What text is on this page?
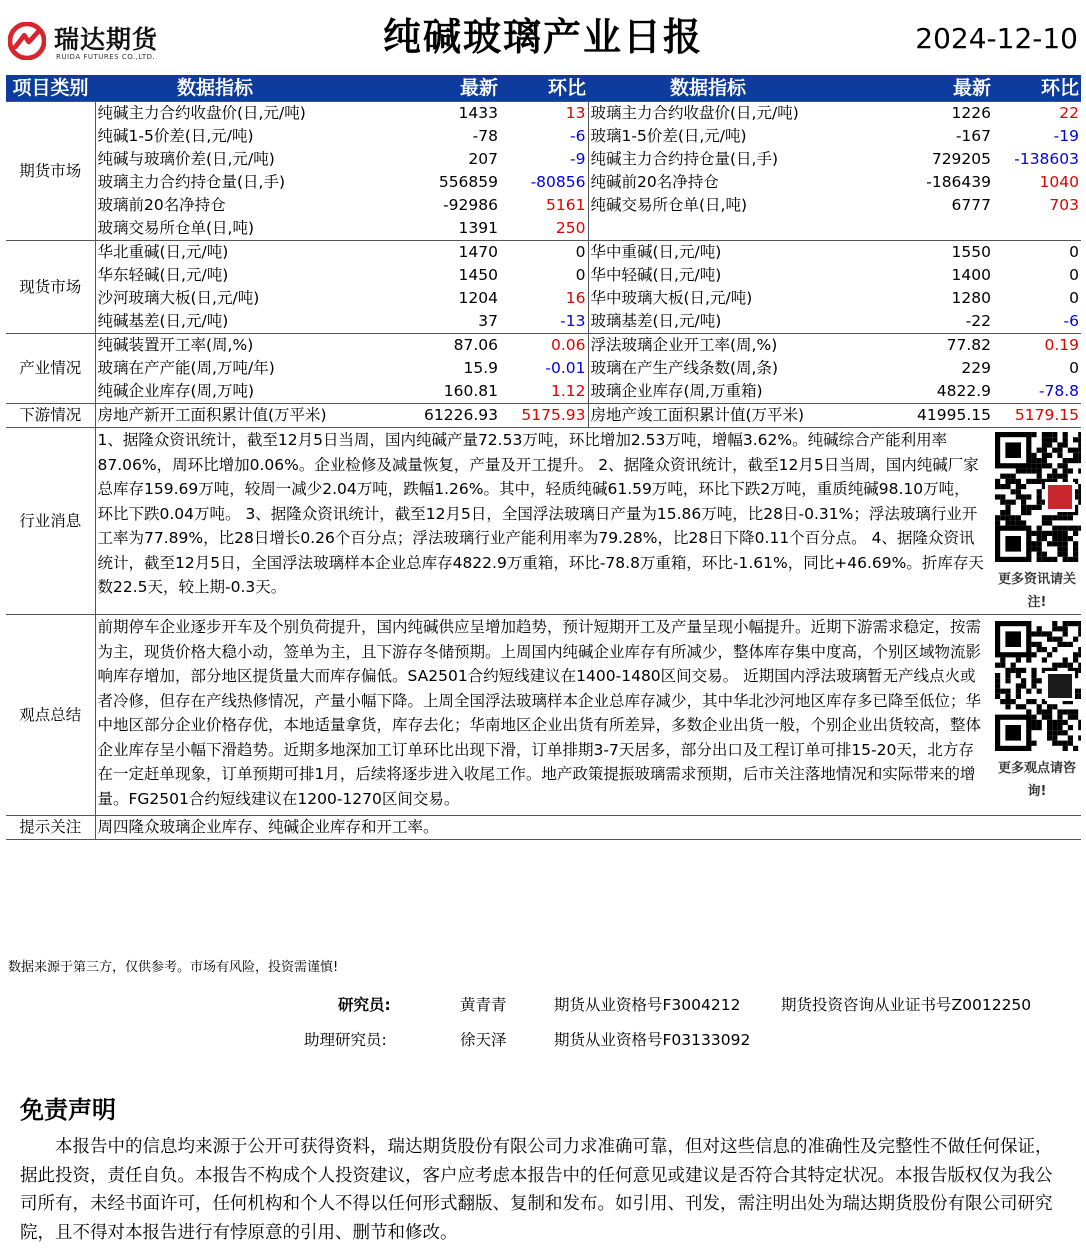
瑞达期货
RUIDA FUTURES CO.,LTD.	纯碱玻璃产业日报	2024-12-10
项目类别	数据指标	最新	环比	数据指标	最新	环比
期货市场	纯碱主力合约收盘价(日,元/吨)	1433	13	玻璃主力合约收盘价(日,元/吨)	1226	22
	纯碱1-5价差(日,元/吨)	-78	-6	玻璃1-5价差(日,元/吨)	-167	-19
	纯碱与玻璃价差(日,元/吨)	207	-9	纯碱主力合约持仓量(日,手)	729205	-138603
	玻璃主力合约持仓量(日,手)	556859	-80856	纯碱前20名净持仓	-186439	1040
	玻璃前20名净持仓	-92986	5161	纯碱交易所仓单(日,吨)	6777	703
	玻璃交易所仓单(日,吨)	1391	250			
现货市场	华北重碱(日,元/吨)	1470	0	华中重碱(日,元/吨)	1550	0
	华东轻碱(日,元/吨)	1450	0	华中轻碱(日,元/吨)	1400	0
	沙河玻璃大板(日,元/吨)	1204	16	华中玻璃大板(日,元/吨)	1280	0
	纯碱基差(日,元/吨)	37	-13	玻璃基差(日,元/吨)	-22	-6
产业情况	纯碱装置开工率(周,%)	87.06	0.06	浮法玻璃企业开工率(周,%)	77.82	0.19
	玻璃在产产能(周,万吨/年)	15.9	-0.01	玻璃在产生产线条数(周,条)	229	0
	纯碱企业库存(周,万吨)	160.81	1.12	玻璃企业库存(周,万重箱)	4822.9	-78.8
下游情况	房地产新开工面积累计值(万平米)	61226.93	5175.93	房地产竣工面积累计值(万平米)	41995.15	5179.15
行业消息	1、据隆众资讯统计，截至12月5日当周，国内纯碱产量72.53万吨，环比增加2.53万吨，增幅3.62%。纯碱综合产能利用率87.06%，周环比增加0.06%。企业检修及减量恢复，产量及开工提升。 2、据隆众资讯统计，截至12月5日当周，国内纯碱厂家总库存159.69万吨，较周一减少2.04万吨，跌幅1.26%。其中，轻质纯碱61.59万吨，环比下跌2万吨，重质纯碱98.10万吨，环比下跌0.04万吨。 3、据隆众资讯统计，截至12月5日，全国浮法玻璃日产量为15.86万吨，比28日-0.31%；浮法玻璃行业开工率为77.89%，比28日增长0.26个百分点；浮法玻璃行业产能利用率为79.28%，比28日下降0.11个百分点。 4、据隆众资讯统计，截至12月5日，全国浮法玻璃样本企业总库存4822.9万重箱，环比-78.8万重箱，环比-1.61%，同比+46.69%。折库存天数22.5天，较上期-0.3天。					更多资讯请关注!

观点总结	前期停车企业逐步开车及个别负荷提升，国内纯碱供应呈增加趋势，预计短期开工及产量呈现小幅提升。近期下游需求稳定，按需为主，现货价格大稳小动，签单为主，且下游存冬储预期。上周国内纯碱企业库存有所减少，整体库存集中度高，个别区域物流影响库存增加，部分地区提货量大而库存偏低。SA2501合约短线建议在1400-1480区间交易。 近期国内浮法玻璃暂无产线点火或者冷修，但存在产线热修情况，产量小幅下降。上周全国浮法玻璃样本企业总库存减少，其中华北沙河地区库存多已降至低位；华中地区部分企业价格存优，本地适量拿货，库存去化；华南地区企业出货有所差异，多数企业出货一般，个别企业出货较高，整体企业库存呈小幅下滑趋势。近期多地深加工订单环比出现下滑，订单排期3-7天居多，部分出口及工程订单可排15-20天，北方存在一定赶单现象，订单预期可排1月，后续将逐步进入收尾工作。地产政策提振玻璃需求预期，后市关注落地情况和实际带来的增量。FG2501合约短线建议在1200-1270区间交易。					更多观点请咨询!

提示关注	周四隆众玻璃企业库存、纯碱企业库存和开工率。					
数据来源于第三方，仅供参考。市场有风险，投资需谨慎!
研究员:	黄青青	期货从业资格号F3004212	期货投资咨询从业证书号Z0012250
助理研究员:	徐天泽	期货从业资格号F03133092
免责声明
本报告中的信息均来源于公开可获得资料，瑞达期货股份有限公司力求准确可靠，但对这些信息的准确性及完整性不做任何保证，据此投资，责任自负。本报告不构成个人投资建议，客户应考虑本报告中的任何意见或建议是否符合其特定状况。本报告版权仅为我公司所有，未经书面许可，任何机构和个人不得以任何形式翻版、复制和发布。如引用、刊发，需注明出处为瑞达期货股份有限公司研究院，且不得对本报告进行有悖原意的引用、删节和修改。
